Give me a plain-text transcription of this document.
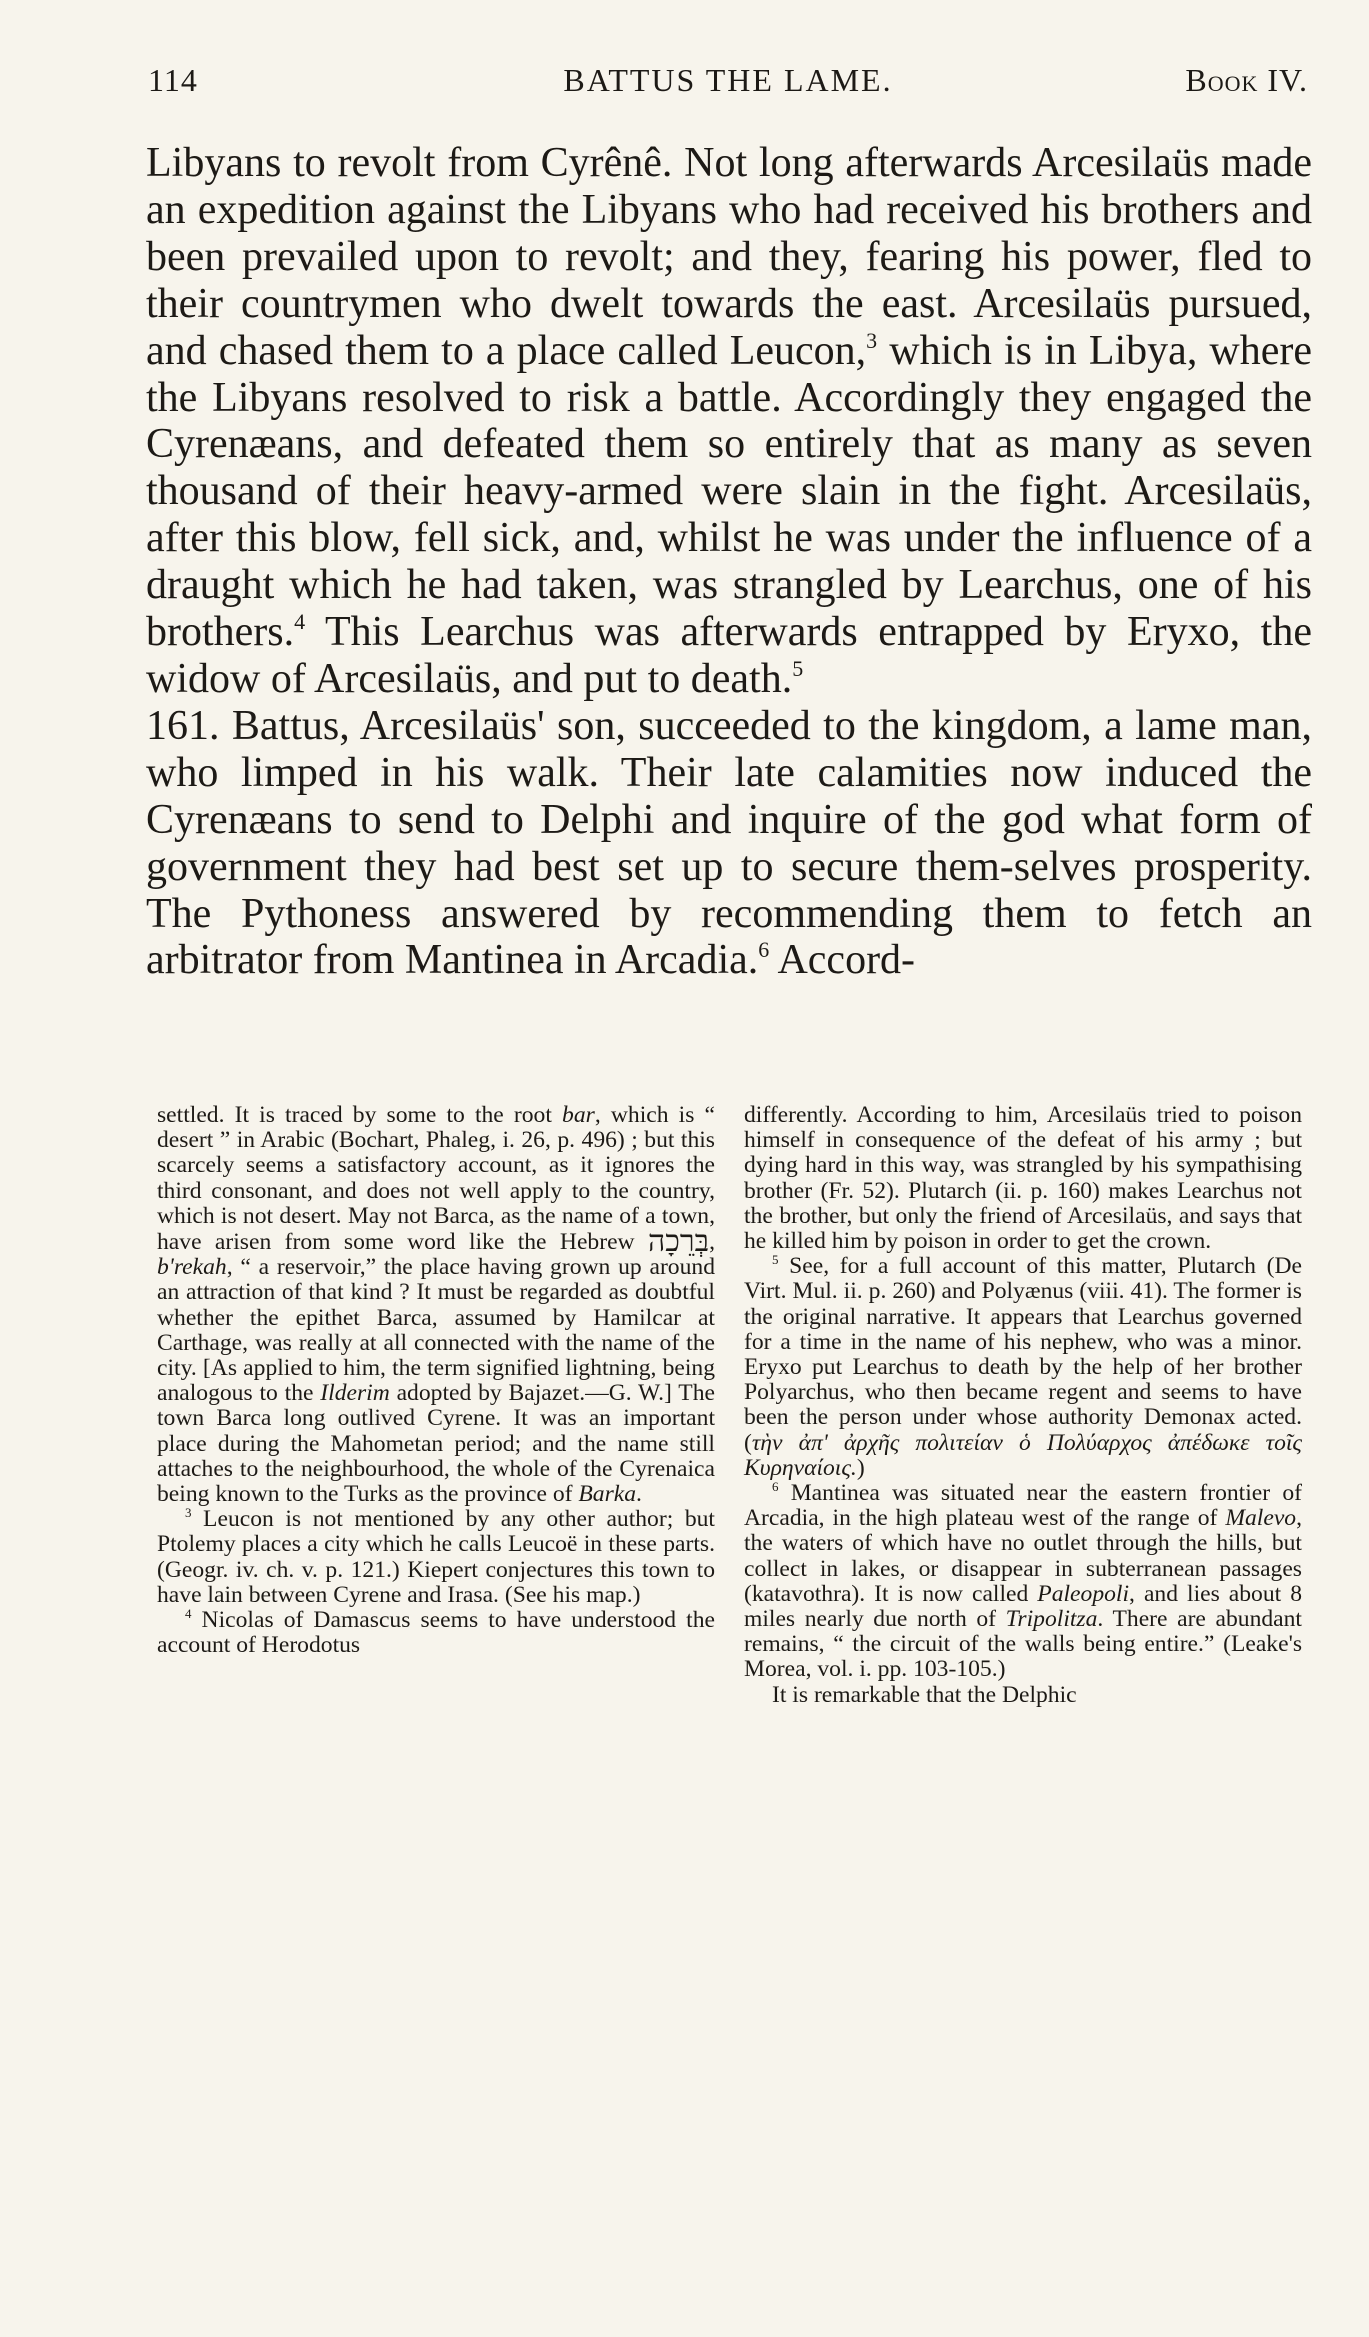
114	BATTUS THE LAME.	Book IV.

Libyans to revolt from Cyrênê. Not long afterwards Arcesilaüs made an expedition against the Libyans who had received his brothers and been prevailed upon to revolt; and they, fearing his power, fled to their countrymen who dwelt towards the east. Arcesilaüs pursued, and chased them to a place called Leucon,$^3$ which is in Libya, where the Libyans resolved to risk a battle. Accordingly they engaged the Cyrenæans, and defeated them so entirely that as many as seven thousand of their heavy-armed were slain in the fight. Arcesilaüs, after this blow, fell sick, and, whilst he was under the influence of a draught which he had taken, was strangled by Learchus, one of his brothers.$^4$ This Learchus was afterwards entrapped by Eryxo, the widow of Arcesilaüs, and put to death.$^5$

161. Battus, Arcesilaüs' son, succeeded to the kingdom, a lame man, who limped in his walk. Their late calamities now induced the Cyrenæans to send to Delphi and inquire of the god what form of government they had best set up to secure them-selves prosperity. The Pythoness answered by recommending them to fetch an arbitrator from Mantinea in Arcadia.$^6$ Accord-

settled. It is traced by some to the root bar, which is “ desert ” in Arabic (Bochart, Phaleg, i. 26, p. 496) ; but this scarcely seems a satisfactory account, as it ignores the third consonant, and does not well apply to the country, which is not desert. May not Barca, as the name of a town, have arisen from some word like the Hebrew בְּרֵכָה, b'rekah, “ a reservoir,” the place having grown up around an attraction of that kind ? It must be regarded as doubtful whether the epithet Barca, assumed by Hamilcar at Carthage, was really at all connected with the name of the city. [As applied to him, the term signified lightning, being analogous to the Ilderim adopted by Bajazet.—G. W.] The town Barca long outlived Cyrene. It was an important place during the Mahometan period; and the name still attaches to the neighbourhood, the whole of the Cyrenaica being known to the Turks as the province of Barka.

$^3$ Leucon is not mentioned by any other author; but Ptolemy places a city which he calls Leucoë in these parts. (Geogr. iv. ch. v. p. 121.) Kiepert conjectures this town to have lain between Cyrene and Irasa. (See his map.)

$^4$ Nicolas of Damascus seems to have understood the account of Herodotus

differently. According to him, Arcesilaüs tried to poison himself in consequence of the defeat of his army ; but dying hard in this way, was strangled by his sympathising brother (Fr. 52). Plutarch (ii. p. 160) makes Learchus not the brother, but only the friend of Arcesilaüs, and says that he killed him by poison in order to get the crown.

$^5$ See, for a full account of this matter, Plutarch (De Virt. Mul. ii. p. 260) and Polyænus (viii. 41). The former is the original narrative. It appears that Learchus governed for a time in the name of his nephew, who was a minor. Eryxo put Learchus to death by the help of her brother Polyarchus, who then became regent and seems to have been the person under whose authority Demonax acted. (τὴν ἀπ' ἀρχῆς πολιτείαν ὁ Πολύαρχος ἀπέδωκε τοῖς Κυρηναίοις.)

$^6$ Mantinea was situated near the eastern frontier of Arcadia, in the high plateau west of the range of Malevo, the waters of which have no outlet through the hills, but collect in lakes, or disappear in subterranean passages (katavothra). It is now called Paleopoli, and lies about 8 miles nearly due north of Tripolitza. There are abundant remains, “ the circuit of the walls being entire.” (Leake's Morea, vol. i. pp. 103-105.)

It is remarkable that the Delphic
